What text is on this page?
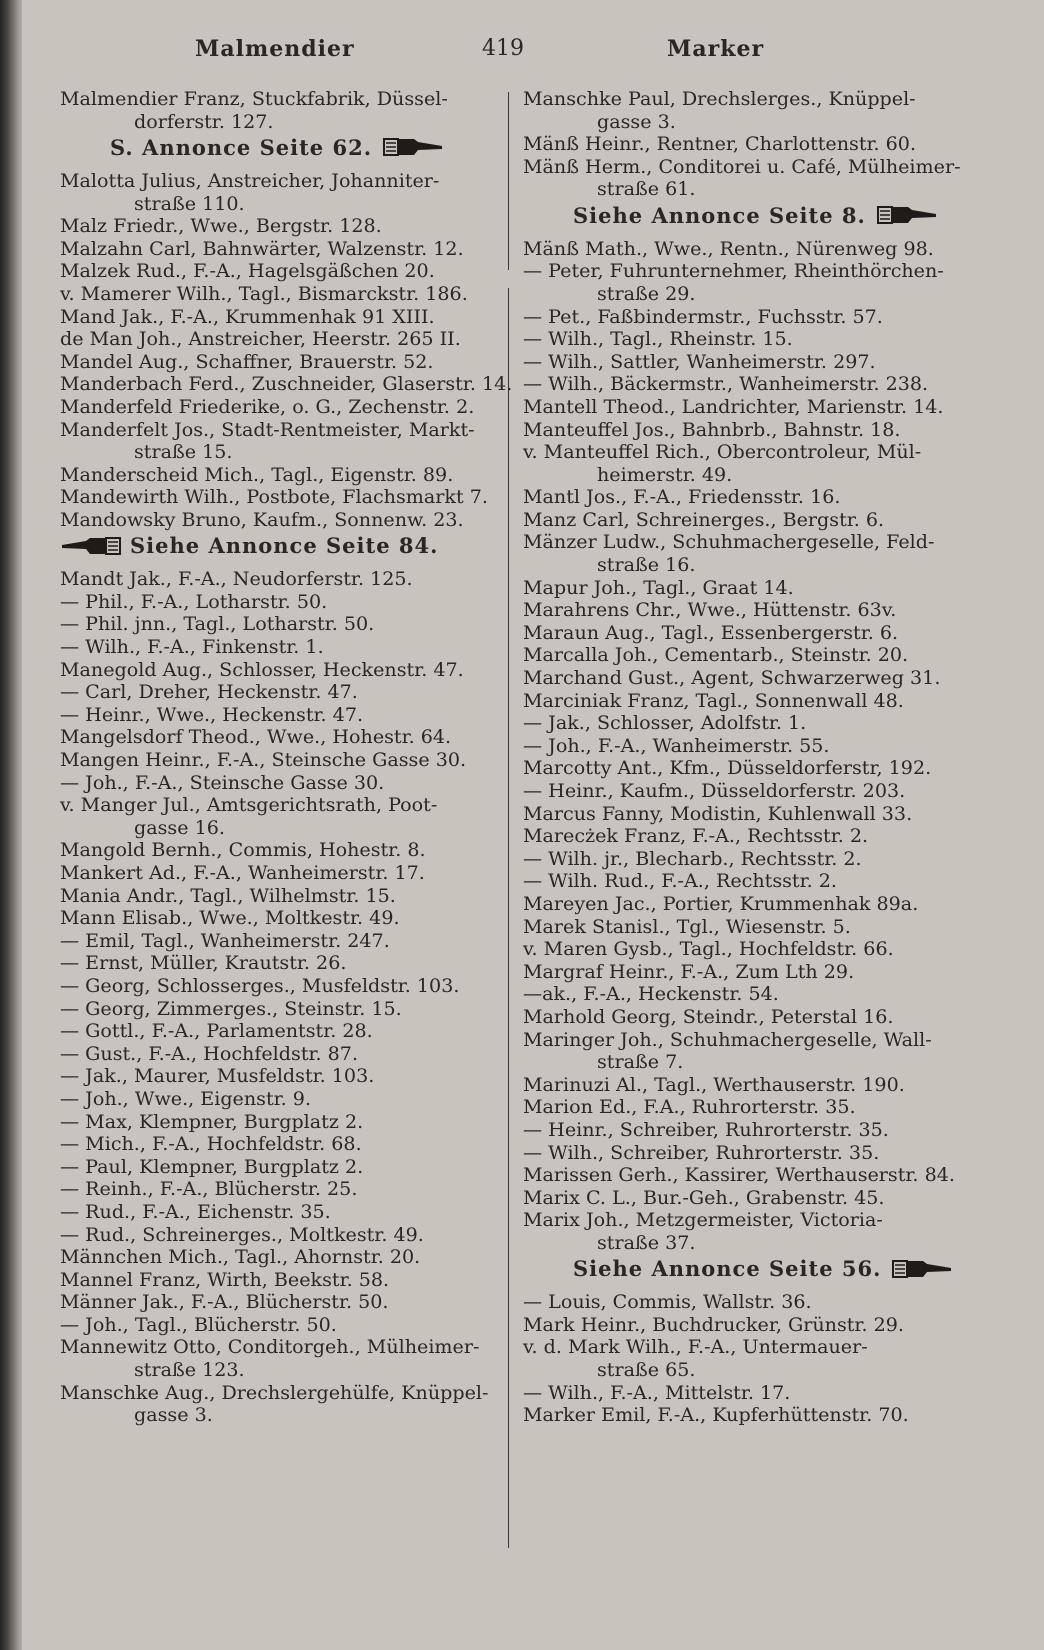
Malmendier	419	Marker
Malmendier Franz, Stuckfabrik, Düssel-
dorferstr. 127.
S. Annonce Seite 62.
Malotta Julius, Anstreicher, Johanniter-
straße 110.
Malz Friedr., Wwe., Bergstr. 128.
Malzahn Carl, Bahnwärter, Walzenstr. 12.
Malzek Rud., F.-A., Hagelsgäßchen 20.
v. Mamerer Wilh., Tagl., Bismarckstr. 186.
Mand Jak., F.-A., Krummenhak 91 XIII.
de Man Joh., Anstreicher, Heerstr. 265 II.
Mandel Aug., Schaffner, Brauerstr. 52.
Manderbach Ferd., Zuschneider, Glaserstr. 14.
Manderfeld Friederike, o. G., Zechenstr. 2.
Manderfelt Jos., Stadt-Rentmeister, Markt-
straße 15.
Manderscheid Mich., Tagl., Eigenstr. 89.
Mandewirth Wilh., Postbote, Flachsmarkt 7.
Mandowsky Bruno, Kaufm., Sonnenw. 23.
Siehe Annonce Seite 84.
Mandt Jak., F.-A., Neudorferstr. 125.
— Phil., F.-A., Lotharstr. 50.
— Phil. jnn., Tagl., Lotharstr. 50.
— Wilh., F.-A., Finkenstr. 1.
Manegold Aug., Schlosser, Heckenstr. 47.
— Carl, Dreher, Heckenstr. 47.
— Heinr., Wwe., Heckenstr. 47.
Mangelsdorf Theod., Wwe., Hohestr. 64.
Mangen Heinr., F.-A., Steinsche Gasse 30.
— Joh., F.-A., Steinsche Gasse 30.
v. Manger Jul., Amtsgerichtsrath, Poot-
gasse 16.
Mangold Bernh., Commis, Hohestr. 8.
Mankert Ad., F.-A., Wanheimerstr. 17.
Mania Andr., Tagl., Wilhelmstr. 15.
Mann Elisab., Wwe., Moltkestr. 49.
— Emil, Tagl., Wanheimerstr. 247.
— Ernst, Müller, Krautstr. 26.
— Georg, Schlosserges., Musfeldstr. 103.
— Georg, Zimmerges., Steinstr. 15.
— Gottl., F.-A., Parlamentstr. 28.
— Gust., F.-A., Hochfeldstr. 87.
— Jak., Maurer, Musfeldstr. 103.
— Joh., Wwe., Eigenstr. 9.
— Max, Klempner, Burgplatz 2.
— Mich., F.-A., Hochfeldstr. 68.
— Paul, Klempner, Burgplatz 2.
— Reinh., F.-A., Blücherstr. 25.
— Rud., F.-A., Eichenstr. 35.
— Rud., Schreinerges., Moltkestr. 49.
Männchen Mich., Tagl., Ahornstr. 20.
Mannel Franz, Wirth, Beekstr. 58.
Männer Jak., F.-A., Blücherstr. 50.
— Joh., Tagl., Blücherstr. 50.
Mannewitz Otto, Conditorgeh., Mülheimer-
straße 123.
Manschke Aug., Drechslergehülfe, Knüppel-
gasse 3.
Manschke Paul, Drechslerges., Knüppel-
gasse 3.
Mänß Heinr., Rentner, Charlottenstr. 60.
Mänß Herm., Conditorei u. Café, Mülheimer-
straße 61.
Siehe Annonce Seite 8.
Mänß Math., Wwe., Rentn., Nürenweg 98.
— Peter, Fuhrunternehmer, Rheinthörchen-
straße 29.
— Pet., Faßbindermstr., Fuchsstr. 57.
— Wilh., Tagl., Rheinstr. 15.
— Wilh., Sattler, Wanheimerstr. 297.
— Wilh., Bäckermstr., Wanheimerstr. 238.
Mantell Theod., Landrichter, Marienstr. 14.
Manteuffel Jos., Bahnbrb., Bahnstr. 18.
v. Manteuffel Rich., Obercontroleur, Mül-
heimerstr. 49.
Mantl Jos., F.-A., Friedensstr. 16.
Manz Carl, Schreinerges., Bergstr. 6.
Mänzer Ludw., Schuhmachergeselle, Feld-
straße 16.
Mapur Joh., Tagl., Graat 14.
Marahrens Chr., Wwe., Hüttenstr. 63v.
Maraun Aug., Tagl., Essenbergerstr. 6.
Marcalla Joh., Cementarb., Steinstr. 20.
Marchand Gust., Agent, Schwarzerweg 31.
Marciniak Franz, Tagl., Sonnenwall 48.
— Jak., Schlosser, Adolfstr. 1.
— Joh., F.-A., Wanheimerstr. 55.
Marcotty Ant., Kfm., Düsseldorferstr, 192.
— Heinr., Kaufm., Düsseldorferstr. 203.
Marcus Fanny, Modistin, Kuhlenwall 33.
Marecżek Franz, F.-A., Rechtsstr. 2.
— Wilh. jr., Blecharb., Rechtsstr. 2.
— Wilh. Rud., F.-A., Rechtsstr. 2.
Mareyen Jac., Portier, Krummenhak 89a.
Marek Stanisl., Tgl., Wiesenstr. 5.
v. Maren Gysb., Tagl., Hochfeldstr. 66.
Margraf Heinr., F.-A., Zum Lth 29.
—ak., F.-A., Heckenstr. 54.
Marhold Georg, Steindr., Peterstal 16.
Maringer Joh., Schuhmachergeselle, Wall-
straße 7.
Marinuzi Al., Tagl., Werthauserstr. 190.
Marion Ed., F.A., Ruhrorterstr. 35.
— Heinr., Schreiber, Ruhrorterstr. 35.
— Wilh., Schreiber, Ruhrorterstr. 35.
Marissen Gerh., Kassirer, Werthauserstr. 84.
Marix C. L., Bur.-Geh., Grabenstr. 45.
Marix Joh., Metzgermeister, Victoria-
straße 37.
Siehe Annonce Seite 56.
— Louis, Commis, Wallstr. 36.
Mark Heinr., Buchdrucker, Grünstr. 29.
v. d. Mark Wilh., F.-A., Untermauer-
straße 65.
— Wilh., F.-A., Mittelstr. 17.
Marker Emil, F.-A., Kupferhüttenstr. 70.
